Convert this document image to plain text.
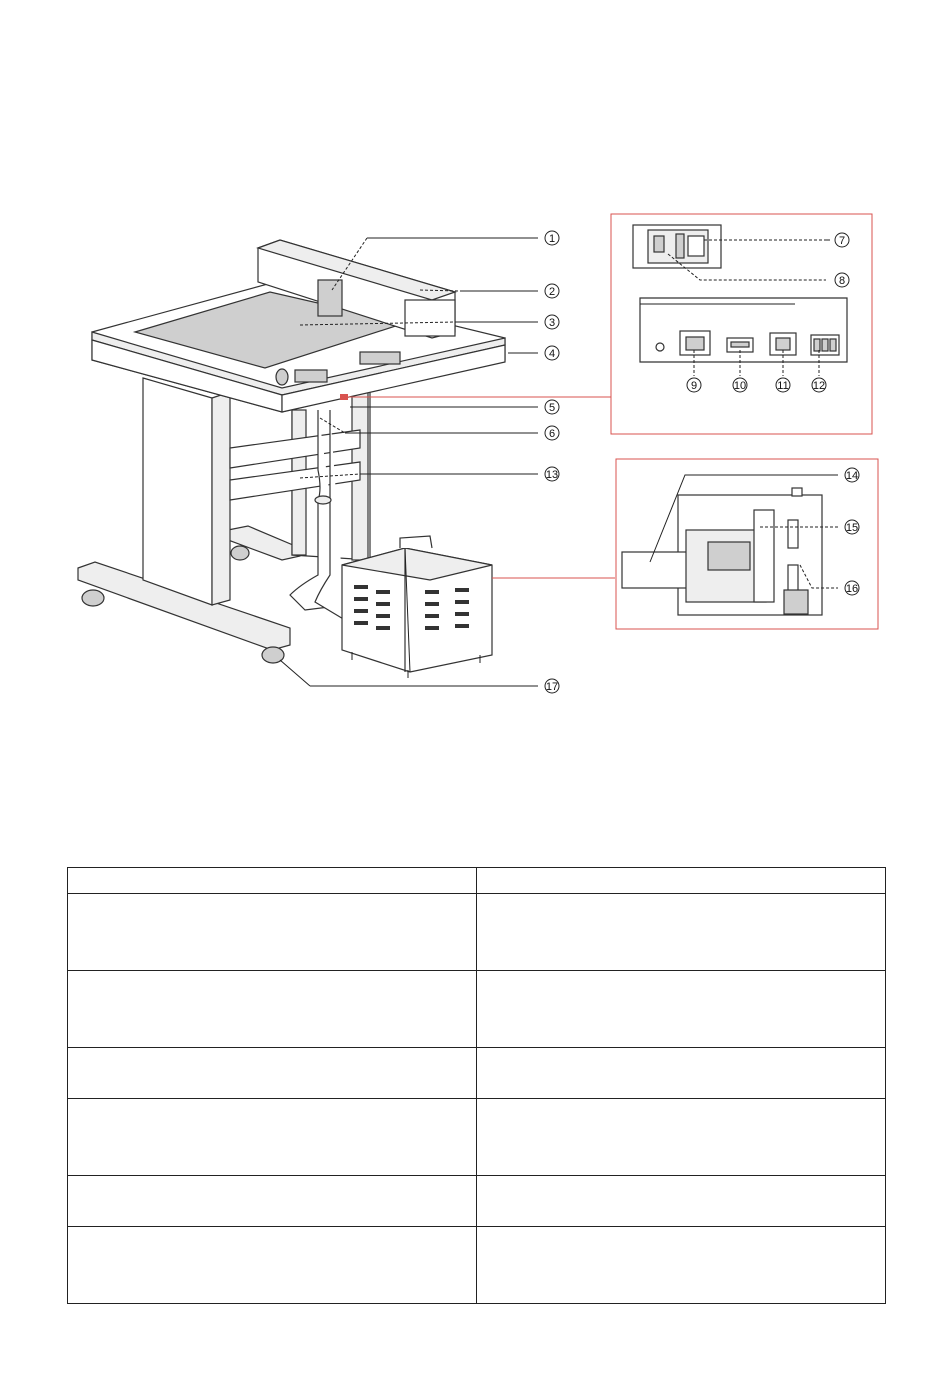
1
2
3
4
5
6
13
17
7
8
9	10	11 12
14
15
16
